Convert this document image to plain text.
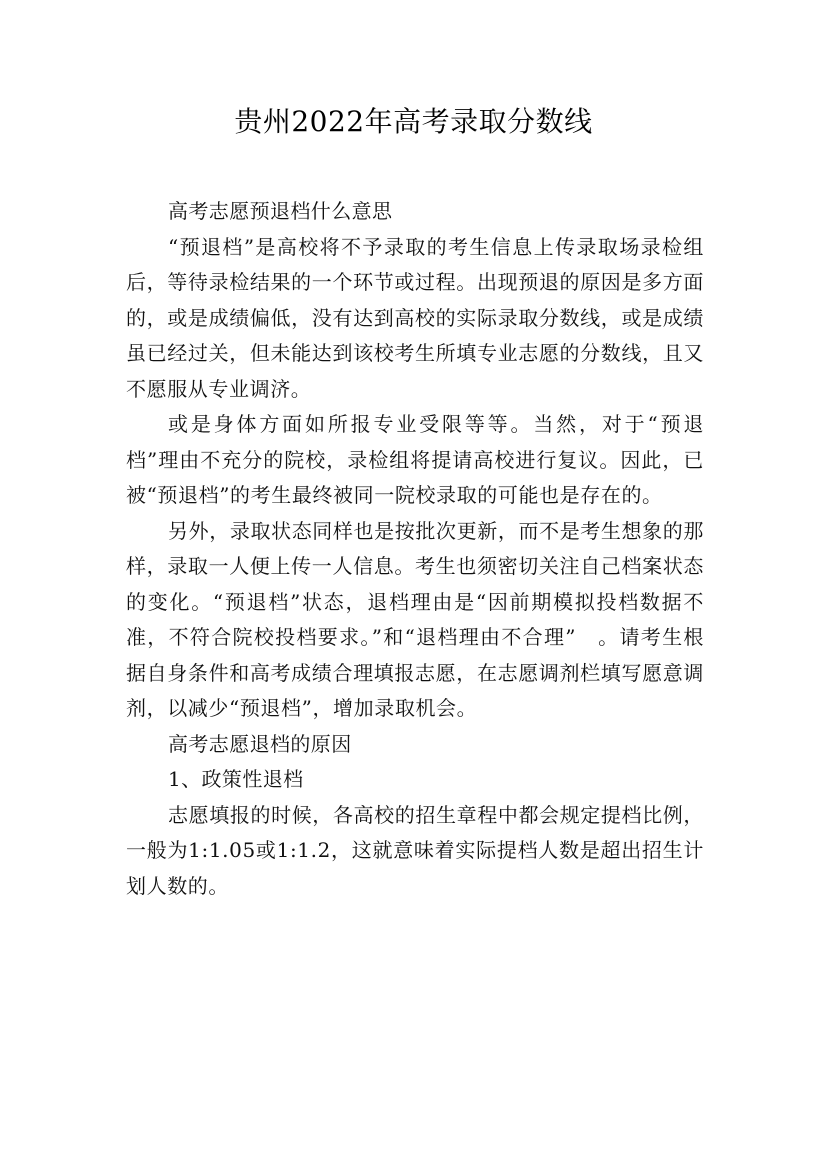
贵州2022年高考录取分数线

高考志愿预退档什么意思

“预退档”是高校将不予录取的考生信息上传录取场录检组后，等待录检结果的一个环节或过程。出现预退的原因是多方面的，或是成绩偏低，没有达到高校的实际录取分数线，或是成绩虽已经过关，但未能达到该校考生所填专业志愿的分数线，且又不愿服从专业调济。

或是身体方面如所报专业受限等等。当然，对于“预退档”理由不充分的院校，录检组将提请高校进行复议。因此，已被“预退档”的考生最终被同一院校录取的可能也是存在的。

另外，录取状态同样也是按批次更新，而不是考生想象的那样，录取一人便上传一人信息。考生也须密切关注自己档案状态的变化。“预退档”状态，退档理由是“因前期模拟投档数据不准，不符合院校投档要求。”和“退档理由不合理”　。请考生根据自身条件和高考成绩合理填报志愿，在志愿调剂栏填写愿意调剂，以减少“预退档”，增加录取机会。

高考志愿退档的原因

1、政策性退档

志愿填报的时候，各高校的招生章程中都会规定提档比例，一般为1:1.05或1:1.2，这就意味着实际提档人数是超出招生计划人数的。
